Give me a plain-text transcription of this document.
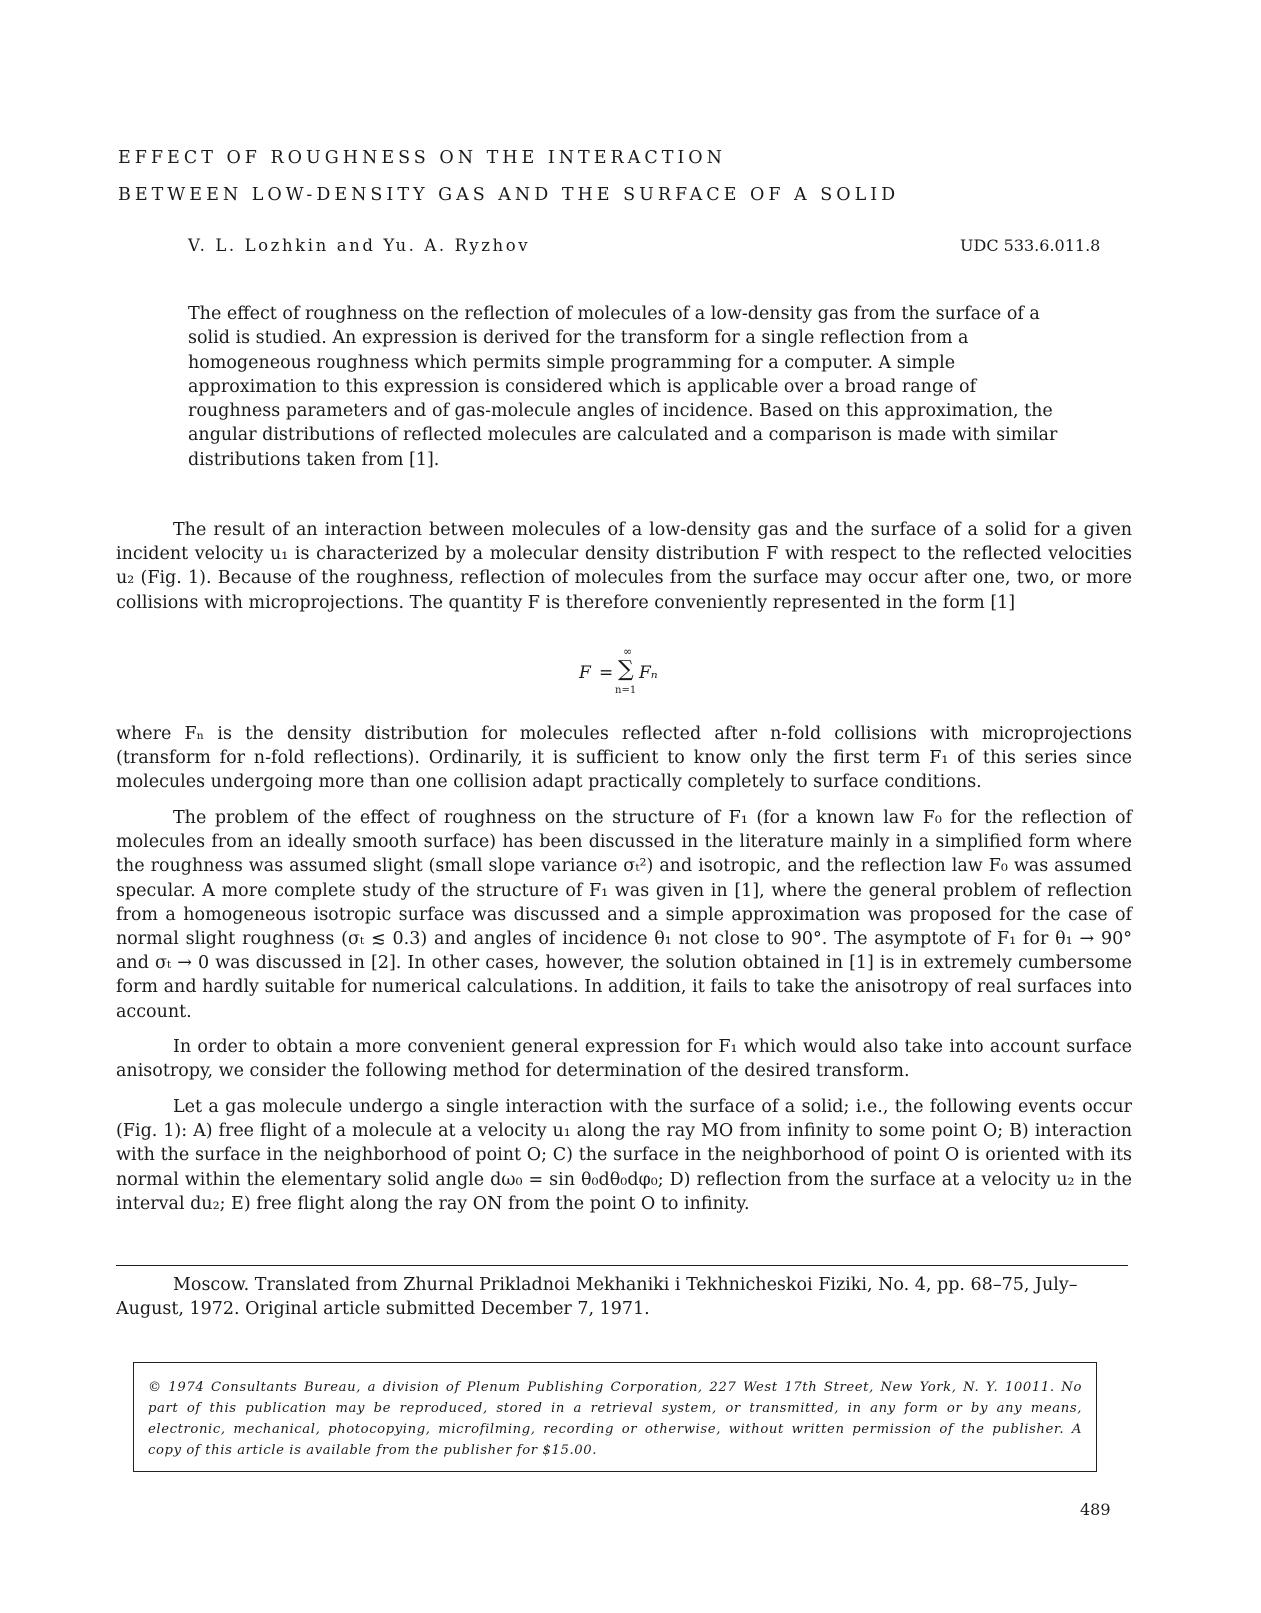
EFFECT OF ROUGHNESS ON THE INTERACTION
BETWEEN LOW-DENSITY GAS AND THE SURFACE OF A SOLID
V. L. Lozhkin and Yu. A. Ryzhov	UDC 533.6.011.8

The effect of roughness on the reflection of molecules of a low-density gas from the surface of a solid is studied. An expression is derived for the transform for a single reflection from a homogeneous roughness which permits simple programming for a computer. A simple approximation to this expression is considered which is applicable over a broad range of roughness parameters and of gas-molecule angles of incidence. Based on this approximation, the angular distributions of reflected molecules are calculated and a comparison is made with similar distributions taken from [1].

The result of an interaction between molecules of a low-density gas and the surface of a solid for a given incident velocity u₁ is characterized by a molecular density distribution F with respect to the reflected velocities u₂ (Fig. 1). Because of the roughness, reflection of molecules from the surface may occur after one, two, or more collisions with microprojections. The quantity F is therefore conveniently represented in the form [1]

F =
∞
∑ Fₙ
n=1

where Fₙ is the density distribution for molecules reflected after n-fold collisions with microprojections (transform for n-fold reflections). Ordinarily, it is sufficient to know only the first term F₁ of this series since molecules undergoing more than one collision adapt practically completely to surface conditions.

The problem of the effect of roughness on the structure of F₁ (for a known law F₀ for the reflection of molecules from an ideally smooth surface) has been discussed in the literature mainly in a simplified form where the roughness was assumed slight (small slope variance σₜ²) and isotropic, and the reflection law F₀ was assumed specular. A more complete study of the structure of F₁ was given in [1], where the general problem of reflection from a homogeneous isotropic surface was discussed and a simple approximation was proposed for the case of normal slight roughness (σₜ ≲ 0.3) and angles of incidence θ₁ not close to 90°. The asymptote of F₁ for θ₁ → 90° and σₜ → 0 was discussed in [2]. In other cases, however, the solution obtained in [1] is in extremely cumbersome form and hardly suitable for numerical calculations. In addition, it fails to take the anisotropy of real surfaces into account.

In order to obtain a more convenient general expression for F₁ which would also take into account surface anisotropy, we consider the following method for determination of the desired transform.

Let a gas molecule undergo a single interaction with the surface of a solid; i.e., the following events occur (Fig. 1): A) free flight of a molecule at a velocity u₁ along the ray MO from infinity to some point O; B) interaction with the surface in the neighborhood of point O; C) the surface in the neighborhood of point O is oriented with its normal within the elementary solid angle dω₀ = sin θ₀dθ₀dφ₀; D) reflection from the surface at a velocity u₂ in the interval du₂; E) free flight along the ray ON from the point O to infinity.

Moscow. Translated from Zhurnal Prikladnoi Mekhaniki i Tekhnicheskoi Fiziki, No. 4, pp. 68–75, July–August, 1972. Original article submitted December 7, 1971.

© 1974 Consultants Bureau, a division of Plenum Publishing Corporation, 227 West 17th Street, New York, N. Y. 10011. No part of this publication may be reproduced, stored in a retrieval system, or transmitted, in any form or by any means, electronic, mechanical, photocopying, microfilming, recording or otherwise, without written permission of the publisher. A copy of this article is available from the publisher for $15.00.

489
